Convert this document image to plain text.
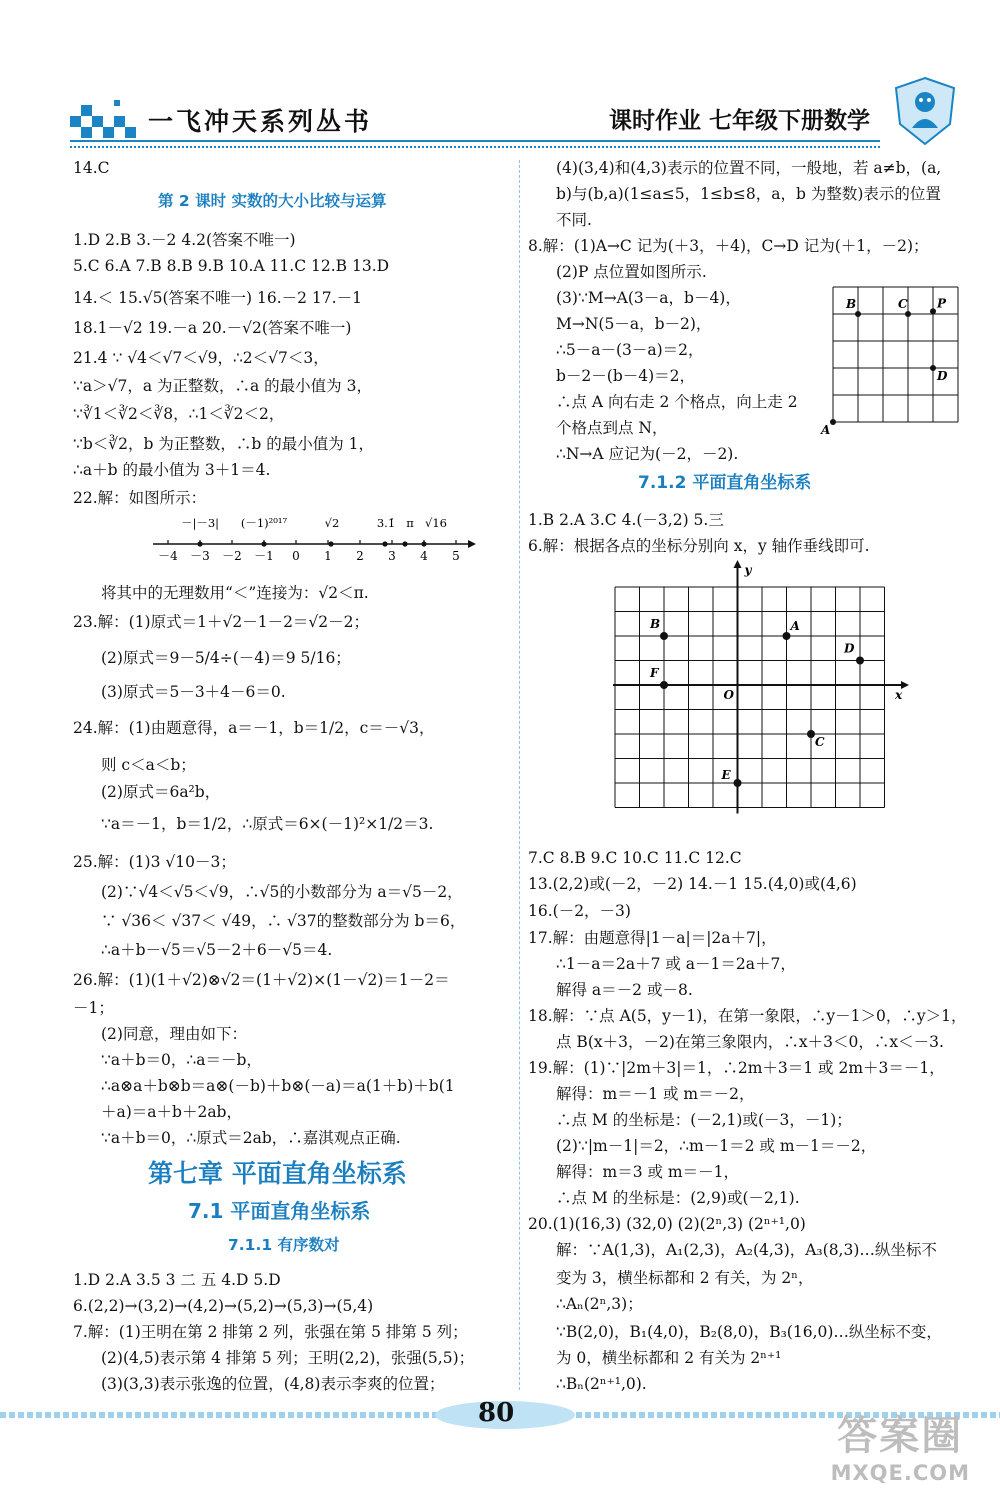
一飞冲天系列丛书	课时作业 七年级下册数学
14.C
第 2 课时 实数的大小比较与运算
1.D 2.B 3.－2 4.2(答案不唯一)
5.C 6.A 7.B 8.B 9.B 10.A 11.C 12.B 13.D
14.＜ 15.√5(答案不唯一) 16.－2 17.－1
18.1－√2 19.－a 20.－√2(答案不唯一)
21.4 ∵ √4＜√7＜√9，∴2＜√7＜3，
∵a＞√7，a 为正整数，∴a 的最小值为 3，
∵∛1＜∛2＜∛8，∴1＜∛2＜2，
∵b＜∛2，b 为正整数，∴b 的最小值为 1，
∴a＋b 的最小值为 3＋1＝4.
22.解：如图所示：
－4 －3 －2 －1 0 1 2 3 4 5
－|－3| (－1)²⁰¹⁷	√2	3.1̇ π √16
将其中的无理数用“＜”连接为：√2＜π.
23.解：(1)原式＝1＋√2－1－2＝√2－2；
(2)原式＝9－5/4÷(－4)＝9 5/16；
(3)原式＝5－3＋4－6＝0.
24.解：(1)由题意得，a＝－1，b＝1/2，c＝－√3，
则 c＜a＜b；
(2)原式＝6a²b，
∵a＝－1，b＝1/2，∴原式＝6×(－1)²×1/2＝3.
25.解：(1)3 √10－3；
(2)∵√4＜√5＜√9，∴√5的小数部分为 a＝√5－2，
∵ √36＜ √37＜ √49，∴ √37的整数部分为 b＝6，
∴a＋b－√5＝√5－2＋6－√5＝4.
26.解：(1)(1＋√2)⊗√2＝(1＋√2)×(1－√2)＝1－2＝
－1；
(2)同意，理由如下：
∵a＋b＝0，∴a＝－b，
∴a⊗a＋b⊗b＝a⊗(－b)＋b⊗(－a)＝a(1＋b)＋b(1
＋a)＝a＋b＋2ab，
∵a＋b＝0，∴原式＝2ab，∴嘉淇观点正确.
第七章 平面直角坐标系
7.1 平面直角坐标系
7.1.1 有序数对
1.D 2.A 3.5 3 二 五 4.D 5.D
6.(2,2)→(3,2)→(4,2)→(5,2)→(5,3)→(5,4)
7.解：(1)王明在第 2 排第 2 列，张强在第 5 排第 5 列；
(2)(4,5)表示第 4 排第 5 列；王明(2,2)，张强(5,5)；
(3)(3,3)表示张逸的位置，(4,8)表示李爽的位置；
(4)(3,4)和(4,3)表示的位置不同，一般地，若 a≠b，(a,
b)与(b,a)(1≤a≤5，1≤b≤8，a，b 为整数)表示的位置
不同.
8.解：(1)A→C 记为(＋3，＋4)，C→D 记为(＋1，－2)；
(2)P 点位置如图所示.
(3)∵M→A(3－a，b－4)，
M→N(5－a，b－2)，
∴5－a－(3－a)＝2，
b－2－(b－4)＝2，
∴点 A 向右走 2 个格点，向上走 2
个格点到点 N，
∴N→A 应记为(－2，－2).
B	C P
D
A
7.1.2 平面直角坐标系
1.B 2.A 3.C 4.(－3,2) 5.三
6.解：根据各点的坐标分别向 x，y 轴作垂线即可.
x
y
B	A
D
F
O
C
E
7.C 8.B 9.C 10.C 11.C 12.C
13.(2,2)或(－2，－2) 14.－1 15.(4,0)或(4,6)
16.(－2，－3)
17.解：由题意得|1－a|＝|2a＋7|，
∴1－a＝2a＋7 或 a－1＝2a＋7，
解得 a＝－2 或－8.
18.解：∵点 A(5，y－1)，在第一象限，∴y－1＞0，∴y＞1，
点 B(x＋3，－2)在第三象限内，∴x＋3＜0，∴x＜－3.
19.解：(1)∵|2m＋3|＝1，∴2m＋3＝1 或 2m＋3＝－1，
解得：m＝－1 或 m＝－2，
∴点 M 的坐标是：(－2,1)或(－3，－1)；
(2)∵|m－1|＝2，∴m－1＝2 或 m－1＝－2，
解得：m＝3 或 m＝－1，
∴点 M 的坐标是：(2,9)或(－2,1).
20.(1)(16,3) (32,0) (2)(2ⁿ,3) (2ⁿ⁺¹,0)
解：∵A(1,3)，A₁(2,3)，A₂(4,3)，A₃(8,3)…纵坐标不
变为 3，横坐标都和 2 有关，为 2ⁿ，
∴Aₙ(2ⁿ,3)；
∵B(2,0)，B₁(4,0)，B₂(8,0)，B₃(16,0)…纵坐标不变，
为 0，横坐标都和 2 有关为 2ⁿ⁺¹
∴Bₙ(2ⁿ⁺¹,0).
80	答案圈
MXQE.COM
